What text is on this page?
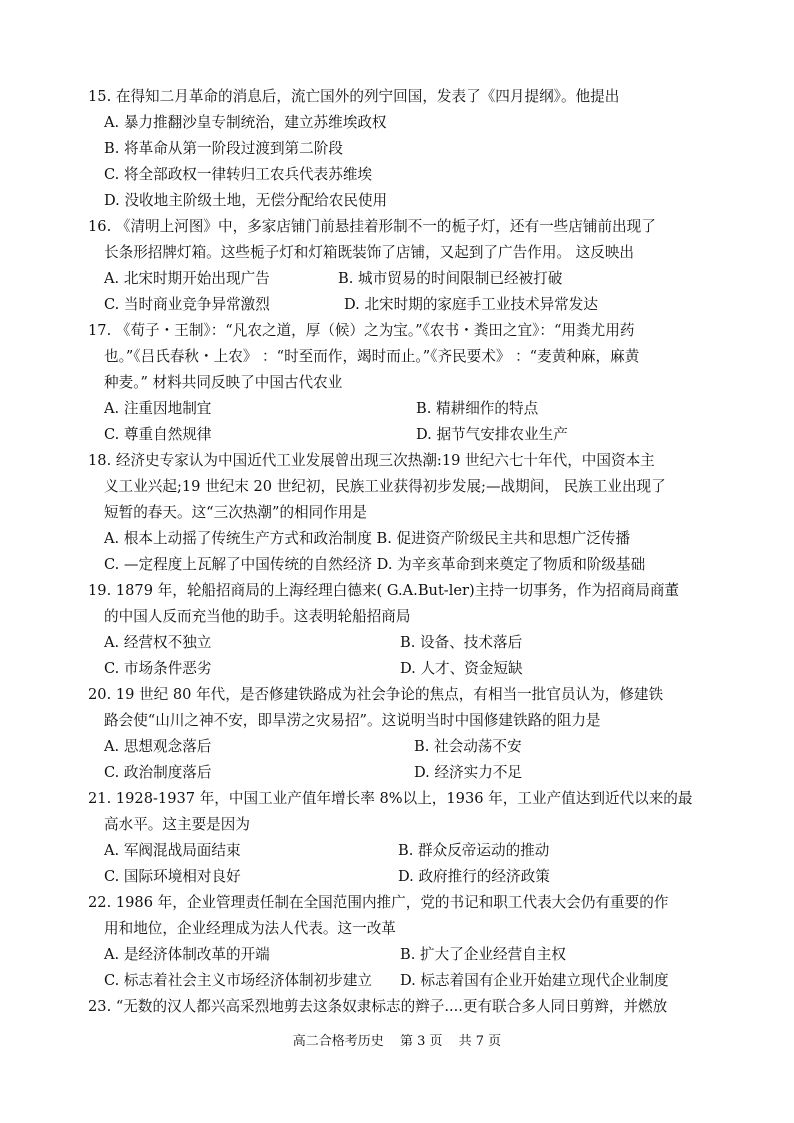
15. 在得知二月革命的消息后，流亡国外的列宁回国，发表了《四月提纲》。他提出
A. 暴力推翻沙皇专制统治，建立苏维埃政权
B. 将革命从第一阶段过渡到第二阶段
C. 将全部政权一律转归工农兵代表苏维埃
D. 没收地主阶级土地，无偿分配给农民使用
16. 《清明上河图》中，多家店铺门前悬挂着形制不一的栀子灯，还有一些店铺前出现了
长条形招牌灯箱。这些栀子灯和灯箱既装饰了店铺，又起到了广告作用。 这反映出
A. 北宋时期开始出现广告	B. 城市贸易的时间限制已经被打破
C. 当时商业竞争异常激烈	D. 北宋时期的家庭手工业技术异常发达
17. 《荀子・王制》：“凡农之道，厚（候）之为宝。”《农书・粪田之宜》：“用粪尤用药
也。”《吕氏春秋・上农》 ：“时至而作，竭时而止。”《齐民要术》 ：“麦黄种麻，麻黄
种麦。” 材料共同反映了中国古代农业
A. 注重因地制宜	B. 精耕细作的特点
C. 尊重自然规律	D. 据节气安排农业生产
18. 经济史专家认为中国近代工业发展曾出现三次热潮:19 世纪六七十年代，中国资本主
义工业兴起;19 世纪末 20 世纪初，民族工业获得初步发展;—战期间， 民族工业出现了
短暂的春天。这“三次热潮”的相同作用是
A. 根本上动摇了传统生产方式和政治制度 B. 促进资产阶级民主共和思想广泛传播
C. —定程度上瓦解了中国传统的自然经济 D. 为辛亥革命到来奠定了物质和阶级基础
19. 1879 年，轮船招商局的上海经理白德来( G.A.But-ler)主持一切事务，作为招商局商董
的中国人反而充当他的助手。这表明轮船招商局
A. 经营权不独立	B. 设备、技术落后
C. 市场条件恶劣	D. 人才、资金短缺
20. 19 世纪 80 年代，是否修建铁路成为社会争论的焦点，有相当一批官员认为，修建铁
路会使“山川之神不安，即旱涝之灾易招”。这说明当时中国修建铁路的阻力是
A. 思想观念落后	B. 社会动荡不安
C. 政治制度落后	D. 经济实力不足
21. 1928-1937 年，中国工业产值年增长率 8%以上，1936 年，工业产值达到近代以来的最
高水平。这主要是因为
A. 军阀混战局面结束	B. 群众反帝运动的推动
C. 国际环境相对良好	D. 政府推行的经济政策
22. 1986 年，企业管理责任制在全国范围内推广，党的书记和职工代表大会仍有重要的作
用和地位，企业经理成为法人代表。这一改革
A. 是经济体制改革的开端	B. 扩大了企业经营自主权
C. 标志着社会主义市场经济体制初步建立	D. 标志着国有企业开始建立现代企业制度
23. “无数的汉人都兴高采烈地剪去这条奴隶标志的辫子....更有联合多人同日剪辫，并燃放
高二合格考历史 第 3 页 共 7 页
